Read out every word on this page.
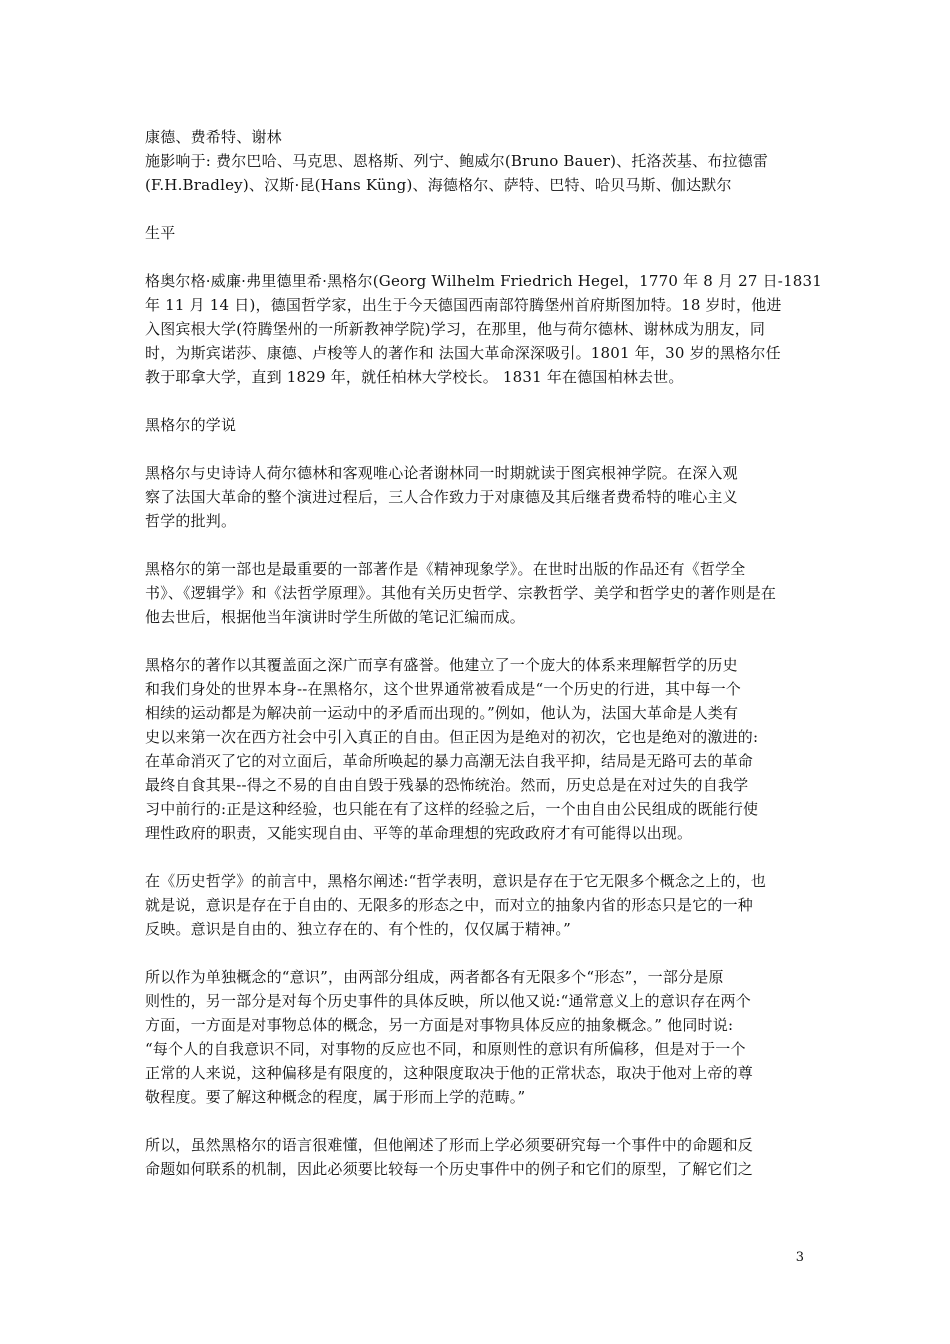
康德、费希特、谢林
施影响于: 费尔巴哈、马克思、恩格斯、列宁、鲍威尔(Bruno Bauer)、托洛茨基、布拉德雷
(F.H.Bradley)、汉斯·昆(Hans Küng)、海德格尔、萨特、巴特、哈贝马斯、伽达默尔
生平
格奥尔格·威廉·弗里德里希·黑格尔(Georg Wilhelm Friedrich Hegel，1770 年 8 月 27 日-1831
年 11 月 14 日)，德国哲学家，出生于今天德国西南部符腾堡州首府斯图加特。18 岁时，他进
入图宾根大学(符腾堡州的一所新教神学院)学习，在那里，他与荷尔德林、谢林成为朋友，同
时，为斯宾诺莎、康德、卢梭等人的著作和 法国大革命深深吸引。1801 年，30 岁的黑格尔任
教于耶拿大学，直到 1829 年，就任柏林大学校长。 1831 年在德国柏林去世。
黑格尔的学说
黑格尔与史诗诗人荷尔德林和客观唯心论者谢林同一时期就读于图宾根神学院。在深入观
察了法国大革命的整个演进过程后，三人合作致力于对康德及其后继者费希特的唯心主义
哲学的批判。
黑格尔的第一部也是最重要的一部著作是《精神现象学》。在世时出版的作品还有《哲学全
书》、《逻辑学》和《法哲学原理》。其他有关历史哲学、宗教哲学、美学和哲学史的著作则是在
他去世后，根据他当年演讲时学生所做的笔记汇编而成。
黑格尔的著作以其覆盖面之深广而享有盛誉。他建立了一个庞大的体系来理解哲学的历史
和我们身处的世界本身--在黑格尔，这个世界通常被看成是“一个历史的行进，其中每一个
相续的运动都是为解决前一运动中的矛盾而出现的。”例如，他认为，法国大革命是人类有
史以来第一次在西方社会中引入真正的自由。但正因为是绝对的初次，它也是绝对的激进的:
在革命消灭了它的对立面后，革命所唤起的暴力高潮无法自我平抑，结局是无路可去的革命
最终自食其果--得之不易的自由自毁于残暴的恐怖统治。然而，历史总是在对过失的自我学
习中前行的:正是这种经验，也只能在有了这样的经验之后，一个由自由公民组成的既能行使
理性政府的职责，又能实现自由、平等的革命理想的宪政政府才有可能得以出现。
在《历史哲学》的前言中，黑格尔阐述:“哲学表明，意识是存在于它无限多个概念之上的，也
就是说，意识是存在于自由的、无限多的形态之中，而对立的抽象内省的形态只是它的一种
反映。意识是自由的、独立存在的、有个性的，仅仅属于精神。”
所以作为单独概念的“意识”，由两部分组成，两者都各有无限多个“形态”，一部分是原
则性的，另一部分是对每个历史事件的具体反映，所以他又说:“通常意义上的意识存在两个
方面，一方面是对事物总体的概念，另一方面是对事物具体反应的抽象概念。” 他同时说:
“每个人的自我意识不同，对事物的反应也不同，和原则性的意识有所偏移，但是对于一个
正常的人来说，这种偏移是有限度的，这种限度取决于他的正常状态，取决于他对上帝的尊
敬程度。要了解这种概念的程度，属于形而上学的范畴。”
所以，虽然黑格尔的语言很难懂，但他阐述了形而上学必须要研究每一个事件中的命题和反
命题如何联系的机制，因此必须要比较每一个历史事件中的例子和它们的原型，了解它们之
3
